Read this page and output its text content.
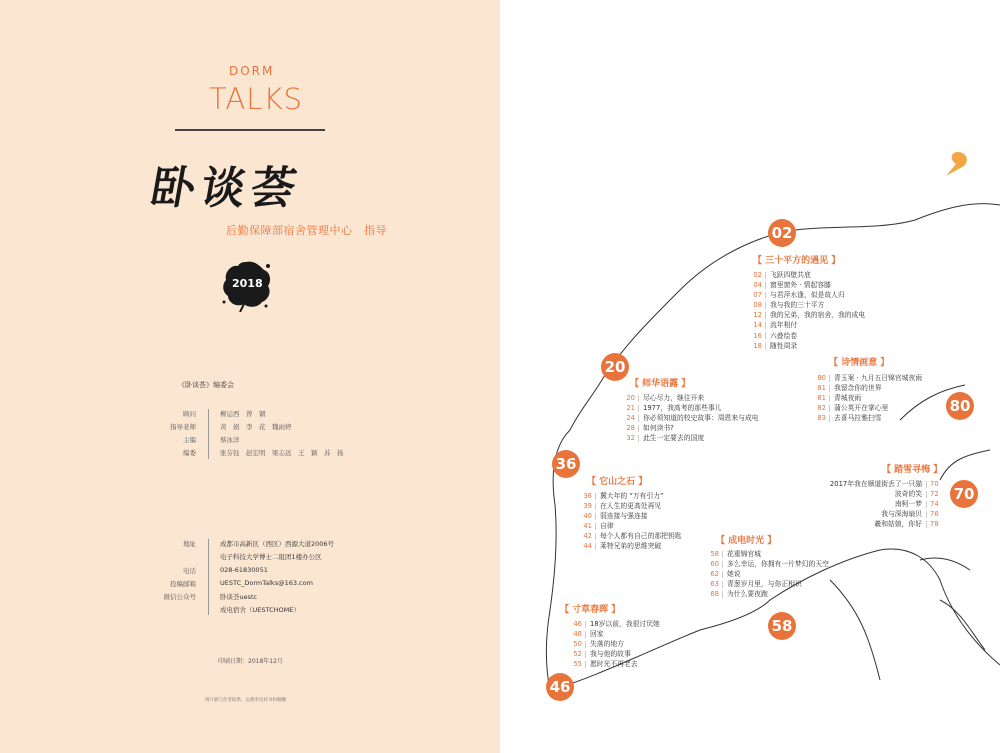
DORM
TALKS
卧谈荟
后勤保障部宿舍管理中心　指导
2018
《卧谈荟》编委会
顾问	柳运西　曾　锢
指导老师	黄　娟　李　花　魏雨婷
主编	蔡冰洋
编委	张芬钰　赵宏明　梁志远　王　颖　苏　扬
地址	成都市高新区（西区）西源大道2006号
电子科技大学博士二组团1楼办公区
电话	028-61830051
投稿邮箱	UESTC_DormTalks@163.com
微信公众号	卧谈荟uestc
成电宿舍（UESTCHOME）
印刷日期：2018年12月
图片稿与作者联系，以便奉送样书和稿酬
02
【 三十平方的遇见 】
02 飞跃四壁共底
04 窗里窗外 · 情起容膝
07 与君萍水逢，似是故人归
08 我与我的三十平方
12 我的兄弟，我的宿舍，我的成电
14 流年相付
16 六叠绘卷
18 随性周录
20
【 师华语露 】
20 尽心尽力，继往开来
21 1977，我高考的那些事儿
24 你必须知道的校史故事：周恩来与成电
28 如何读书?
32 此生一定要去的国度
36
【 它山之石 】
36 冀大年的 “万有引力”
39 在人生的更高处再见
40 弱连接与强连接
41 自律
42 每个人都有自己的那把钥匙
44 莱特兄弟的思维突破
46
【 寸草春晖 】
46 18岁以前，我很讨厌她
48 回家
50 失落的地方
52 我与他的故事
55 愿时光不再老去
58
【 成电时光 】
58 花重锦官城
60 多么幸运，你拥有一片梦幻的天空
62 她说
63 青葱岁月里，与你正相识
68 为什么要夜跑
80
【 诗情画意 】
80 青玉案 · 九月五日锦官城夜雨
81 我留念你的世界
81 青城夜雨
82 蒲公英开在掌心里
83 去喜马拉雅扫雪
70
【 踏雪寻梅 】
2017年我在顺道街丢了一只猫 70
波奇的笑 72
南柯一梦 74
我与深海扇贝 76
羲和姑娘，你好 78
